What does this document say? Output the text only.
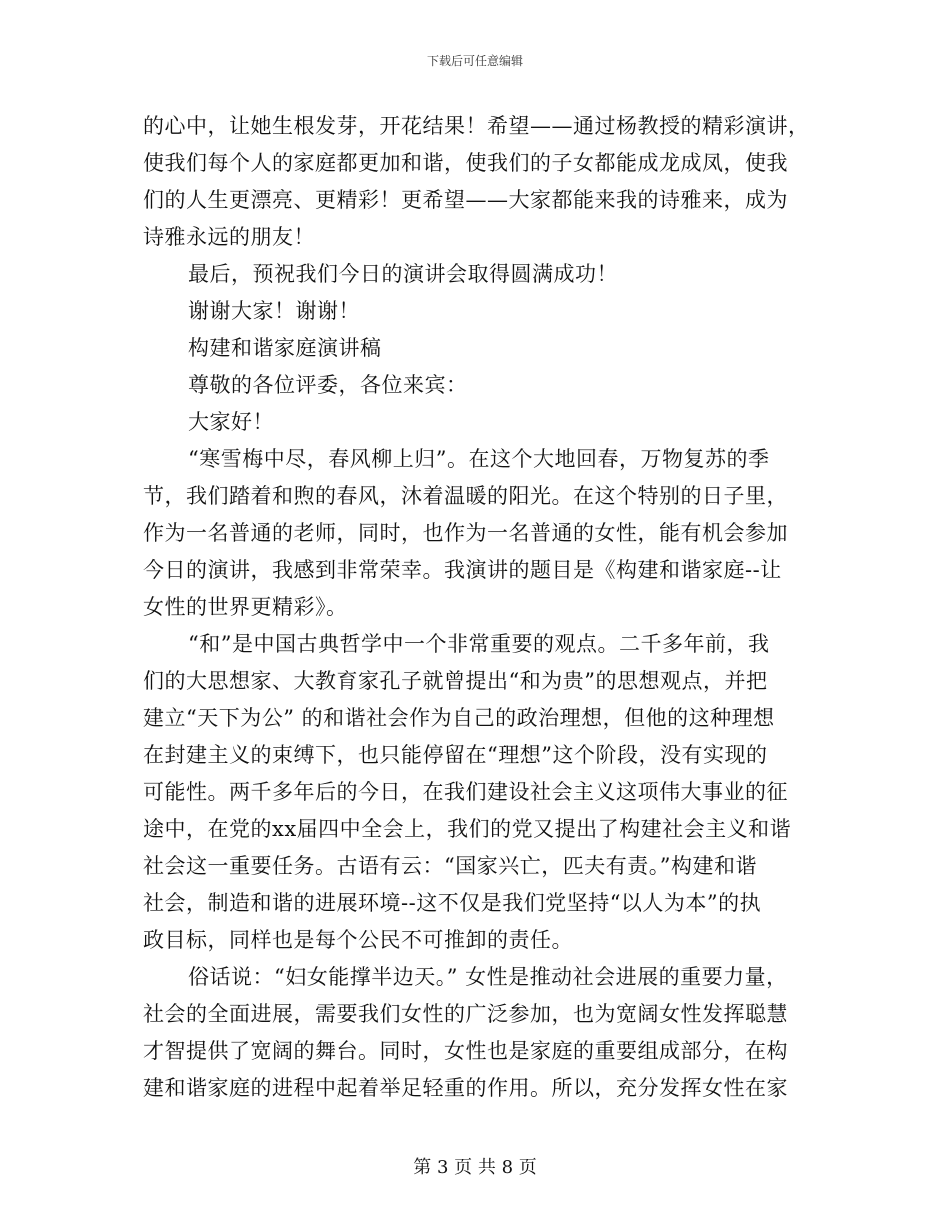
下载后可任意编辑
的心中，让她生根发芽，开花结果！希望——通过杨教授的精彩演讲，
使我们每个人的家庭都更加和谐，使我们的子女都能成龙成凤，使我
们的人生更漂亮、更精彩！更希望——大家都能来我的诗雅来，成为
诗雅永远的朋友！
最后，预祝我们今日的演讲会取得圆满成功！
谢谢大家！谢谢！
构建和谐家庭演讲稿
尊敬的各位评委，各位来宾：
大家好！
“寒雪梅中尽，春风柳上归”。在这个大地回春，万物复苏的季
节，我们踏着和煦的春风，沐着温暖的阳光。在这个特别的日子里，
作为一名普通的老师，同时，也作为一名普通的女性，能有机会参加
今日的演讲，我感到非常荣幸。我演讲的题目是《构建和谐家庭--让
女性的世界更精彩》。
“和”是中国古典哲学中一个非常重要的观点。二千多年前，我
们的大思想家、大教育家孔子就曾提出“和为贵”的思想观点，并把
建立“天下为公” 的和谐社会作为自己的政治理想，但他的这种理想
在封建主义的束缚下，也只能停留在“理想”这个阶段，没有实现的
可能性。两千多年后的今日，在我们建设社会主义这项伟大事业的征
途中，在党的xx届四中全会上，我们的党又提出了构建社会主义和谐
社会这一重要任务。古语有云：“国家兴亡，匹夫有责。”构建和谐
社会，制造和谐的进展环境--这不仅是我们党坚持“以人为本”的执
政目标，同样也是每个公民不可推卸的责任。
俗话说：“妇女能撑半边天。” 女性是推动社会进展的重要力量，
社会的全面进展，需要我们女性的广泛参加，也为宽阔女性发挥聪慧
才智提供了宽阔的舞台。同时，女性也是家庭的重要组成部分，在构
建和谐家庭的进程中起着举足轻重的作用。所以，充分发挥女性在家
第 3 页 共 8 页
